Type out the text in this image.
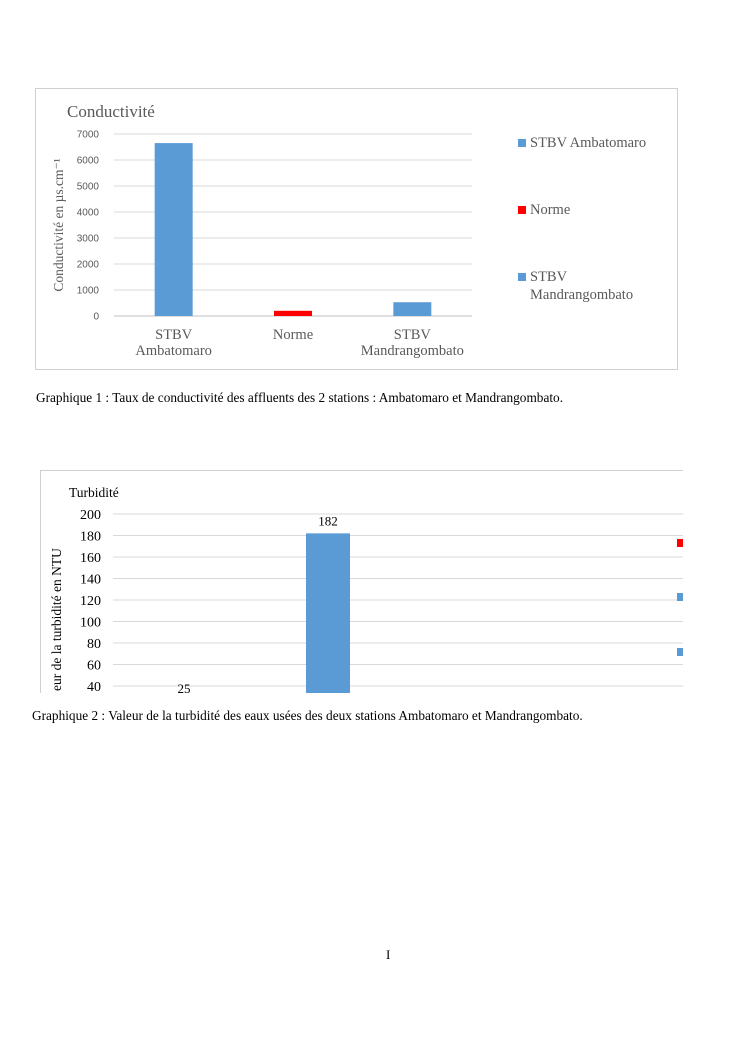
Conductivité
Conductivité en µs.cm⁻¹
0
1000
2000
3000
4000
5000
6000
7000
STBV
Ambatomaro
Norme	STBV
Mandrangombato
STBV Ambatomaro
Norme
STBV
Mandrangombato
Graphique 1 : Taux de conductivité des affluents des 2 stations : Ambatomaro et Mandrangombato.
Turbidité
eur de la turbidité en NTU 40
60
80
100
120
140
160
180
200
25
182
Graphique 2 : Valeur de la turbidité des eaux usées des deux stations Ambatomaro et Mandrangombato.
I
